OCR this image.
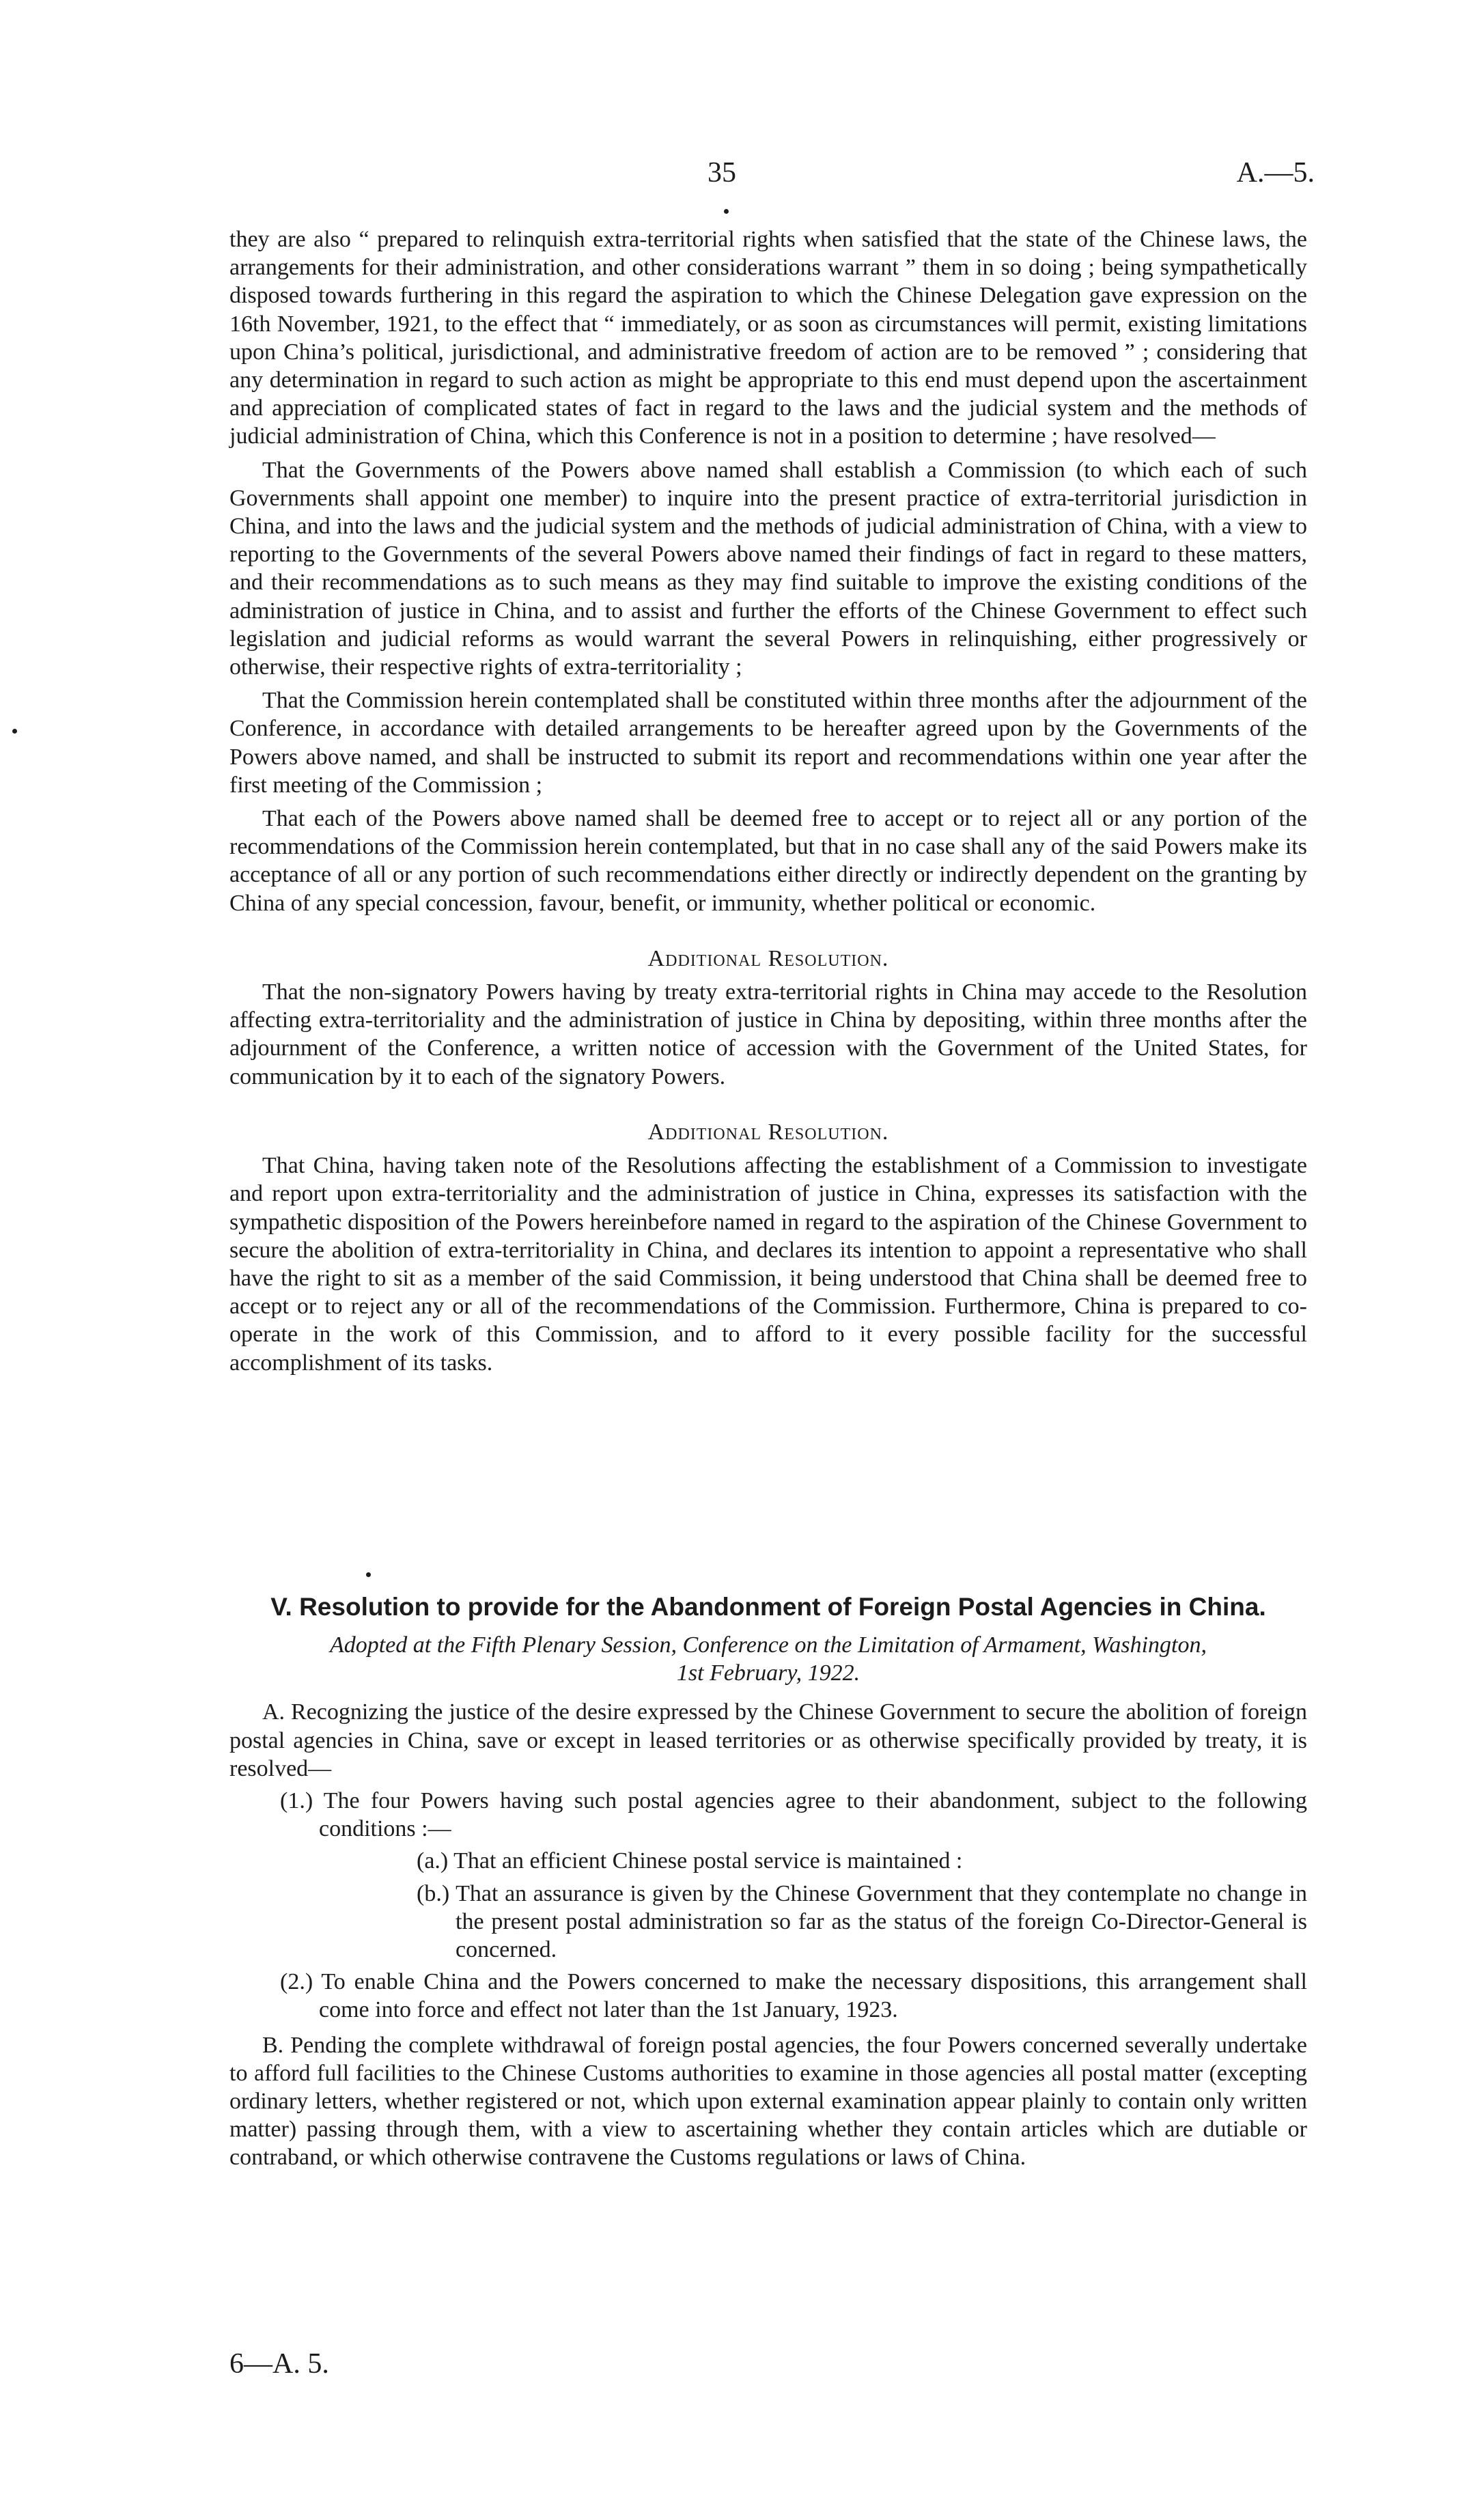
35	A.—5.

they are also “ prepared to relinquish extra-territorial rights when satisfied that the state of the Chinese laws, the arrangements for their administration, and other considerations warrant ” them in so doing ; being sympathetically disposed towards furthering in this regard the aspiration to which the Chinese Delegation gave expression on the 16th November, 1921, to the effect that “ immediately, or as soon as circumstances will permit, existing limitations upon China’s political, jurisdictional, and administrative freedom of action are to be removed ” ; considering that any determination in regard to such action as might be appropriate to this end must depend upon the ascertainment and appreciation of complicated states of fact in regard to the laws and the judicial system and the methods of judicial administration of China, which this Conference is not in a position to determine ; have resolved—

That the Governments of the Powers above named shall establish a Commission (to which each of such Governments shall appoint one member) to inquire into the present practice of extra-territorial jurisdiction in China, and into the laws and the judicial system and the methods of judicial administration of China, with a view to reporting to the Governments of the several Powers above named their findings of fact in regard to these matters, and their recommendations as to such means as they may find suitable to improve the existing conditions of the administration of justice in China, and to assist and further the efforts of the Chinese Government to effect such legislation and judicial reforms as would warrant the several Powers in relinquishing, either progressively or otherwise, their respective rights of extra-territoriality ;

That the Commission herein contemplated shall be constituted within three months after the adjournment of the Conference, in accordance with detailed arrangements to be hereafter agreed upon by the Governments of the Powers above named, and shall be instructed to submit its report and recommendations within one year after the first meeting of the Commission ;

That each of the Powers above named shall be deemed free to accept or to reject all or any portion of the recommendations of the Commission herein contemplated, but that in no case shall any of the said Powers make its acceptance of all or any portion of such recommendations either directly or indirectly dependent on the granting by China of any special concession, favour, benefit, or immunity, whether political or economic.

Additional Resolution.

That the non-signatory Powers having by treaty extra-territorial rights in China may accede to the Resolution affecting extra-territoriality and the administration of justice in China by depositing, within three months after the adjournment of the Conference, a written notice of accession with the Government of the United States, for communication by it to each of the signatory Powers.

Additional Resolution.

That China, having taken note of the Resolutions affecting the establishment of a Commission to investigate and report upon extra-territoriality and the administration of justice in China, expresses its satisfaction with the sympathetic disposition of the Powers hereinbefore named in regard to the aspiration of the Chinese Government to secure the abolition of extra-territoriality in China, and declares its intention to appoint a representative who shall have the right to sit as a member of the said Commission, it being understood that China shall be deemed free to accept or to reject any or all of the recommendations of the Commission. Furthermore, China is prepared to co-operate in the work of this Commission, and to afford to it every possible facility for the successful accomplishment of its tasks.

V. Resolution to provide for the Abandonment of Foreign Postal Agencies in China.

Adopted at the Fifth Plenary Session, Conference on the Limitation of Armament, Washington,

1st February, 1922.

A. Recognizing the justice of the desire expressed by the Chinese Government to secure the abolition of foreign postal agencies in China, save or except in leased territories or as otherwise specifically provided by treaty, it is resolved—

(1.) The four Powers having such postal agencies agree to their abandonment, subject to the following conditions :—

(a.) That an efficient Chinese postal service is maintained :

(b.) That an assurance is given by the Chinese Government that they contemplate no change in the present postal administration so far as the status of the foreign Co-Director-General is concerned.

(2.) To enable China and the Powers concerned to make the necessary dispositions, this arrangement shall come into force and effect not later than the 1st January, 1923.

B. Pending the complete withdrawal of foreign postal agencies, the four Powers concerned severally undertake to afford full facilities to the Chinese Customs authorities to examine in those agencies all postal matter (excepting ordinary letters, whether registered or not, which upon external examination appear plainly to contain only written matter) passing through them, with a view to ascertaining whether they contain articles which are dutiable or contraband, or which otherwise contravene the Customs regulations or laws of China.

6—A. 5.
